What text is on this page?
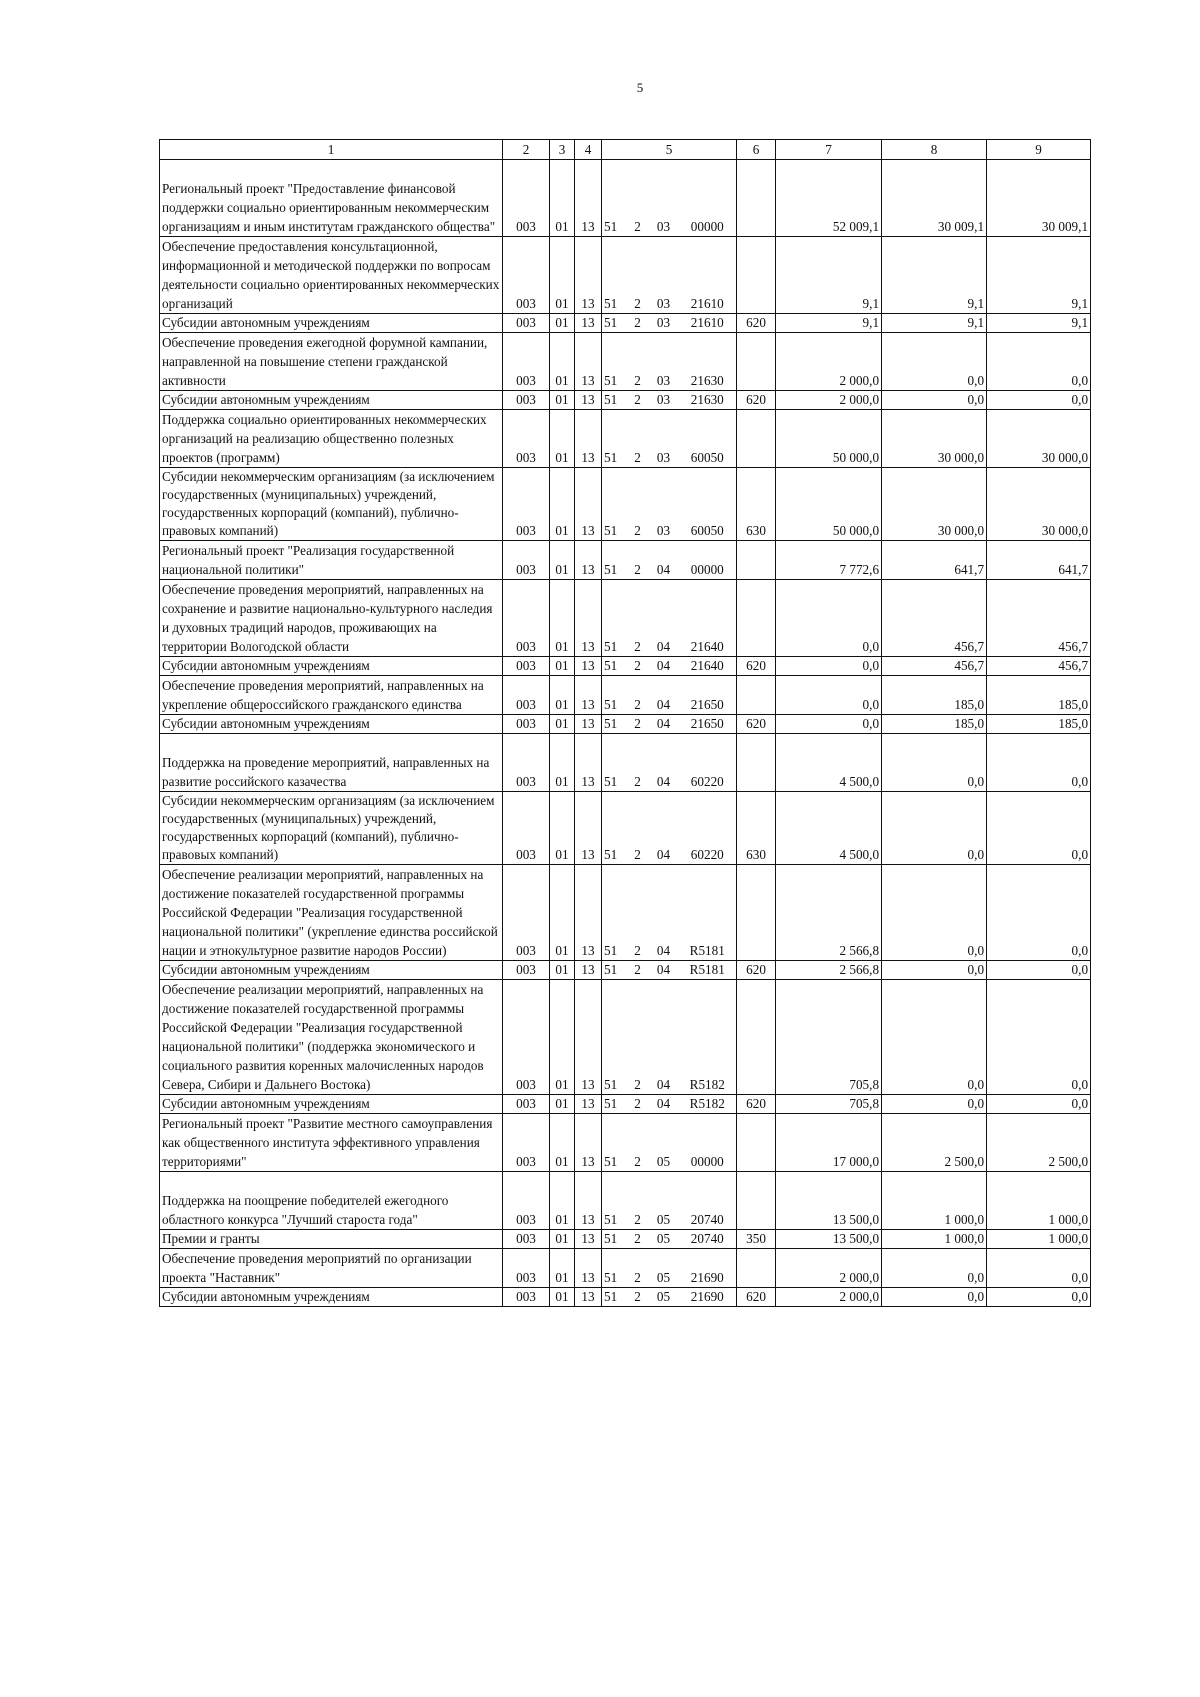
5
1	2	3	4	5				6	7	8	9
Региональный проект "Предоставление финансовой поддержки социально ориентированным некоммерческим организациям и иным институтам гражданского общества"	003	01	13	51	2	03	00000		52 009,1	30 009,1	30 009,1
Обеспечение предоставления консультационной, информационной и методической поддержки по вопросам деятельности социально ориентированных некоммерческих организаций	003	01	13	51	2	03	21610		9,1	9,1	9,1
Субсидии автономным учреждениям	003	01	13	51	2	03	21610	620	9,1	9,1	9,1
Обеспечение проведения ежегодной форумной кампании, направленной на повышение степени гражданской активности	003	01	13	51	2	03	21630		2 000,0	0,0	0,0
Субсидии автономным учреждениям	003	01	13	51	2	03	21630	620	2 000,0	0,0	0,0
Поддержка социально ориентированных некоммерческих организаций на реализацию общественно полезных проектов (программ)	003	01	13	51	2	03	60050		50 000,0	30 000,0	30 000,0
Субсидии некоммерческим организациям (за исключением государственных (муниципальных) учреждений, государственных корпораций (компаний), публично-правовых компаний)	003	01	13	51	2	03	60050	630	50 000,0	30 000,0	30 000,0
Региональный проект "Реализация государственной национальной политики"	003	01	13	51	2	04	00000		7 772,6	641,7	641,7
Обеспечение проведения мероприятий, направленных на сохранение и развитие национально-культурного наследия и духовных традиций народов, проживающих на территории Вологодской области	003	01	13	51	2	04	21640		0,0	456,7	456,7
Субсидии автономным учреждениям	003	01	13	51	2	04	21640	620	0,0	456,7	456,7
Обеспечение проведения мероприятий, направленных на укрепление общероссийского гражданского единства	003	01	13	51	2	04	21650		0,0	185,0	185,0
Субсидии автономным учреждениям	003	01	13	51	2	04	21650	620	0,0	185,0	185,0
Поддержка на проведение мероприятий, направленных на развитие российского казачества	003	01	13	51	2	04	60220		4 500,0	0,0	0,0
Субсидии некоммерческим организациям (за исключением государственных (муниципальных) учреждений, государственных корпораций (компаний), публично-правовых компаний)	003	01	13	51	2	04	60220	630	4 500,0	0,0	0,0
Обеспечение реализации мероприятий, направленных на достижение показателей государственной программы Российской Федерации "Реализация государственной национальной политики" (укрепление единства российской нации и этнокультурное развитие народов России)	003	01	13	51	2	04	R5181		2 566,8	0,0	0,0
Субсидии автономным учреждениям	003	01	13	51	2	04	R5181	620	2 566,8	0,0	0,0
Обеспечение реализации мероприятий, направленных на достижение показателей государственной программы Российской Федерации "Реализация государственной национальной политики" (поддержка экономического и социального развития коренных малочисленных народов Севера, Сибири и Дальнего Востока)	003	01	13	51	2	04	R5182		705,8	0,0	0,0
Субсидии автономным учреждениям	003	01	13	51	2	04	R5182	620	705,8	0,0	0,0
Региональный проект "Развитие местного самоуправления как общественного института эффективного управления территориями"	003	01	13	51	2	05	00000		17 000,0	2 500,0	2 500,0
Поддержка на поощрение победителей ежегодного областного конкурса "Лучший староста года"	003	01	13	51	2	05	20740		13 500,0	1 000,0	1 000,0
Премии и гранты	003	01	13	51	2	05	20740	350	13 500,0	1 000,0	1 000,0
Обеспечение проведения мероприятий по организации проекта "Наставник"	003	01	13	51	2	05	21690		2 000,0	0,0	0,0
Субсидии автономным учреждениям	003	01	13	51	2	05	21690	620	2 000,0	0,0	0,0
